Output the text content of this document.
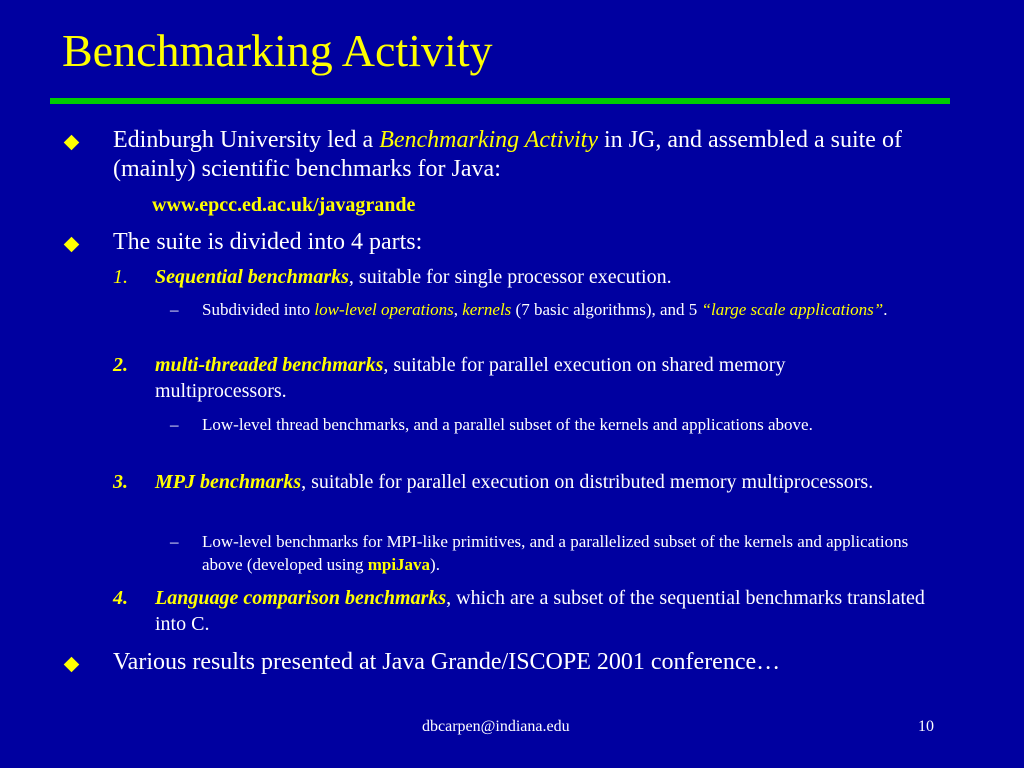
Benchmarking Activity
Edinburgh University led a Benchmarking Activity in JG, and assembled a suite of (mainly) scientific benchmarks for Java:
www.epcc.ed.ac.uk/javagrande
The suite is divided into 4 parts:
1. Sequential benchmarks, suitable for single processor execution.
– Subdivided into low-level operations, kernels (7 basic algorithms), and 5 “large scale applications”.
2. multi-threaded benchmarks, suitable for parallel execution on shared memory multiprocessors.
– Low-level thread benchmarks, and a parallel subset of the kernels and applications above.
3. MPJ benchmarks, suitable for parallel execution on distributed memory multiprocessors.
– Low-level benchmarks for MPI-like primitives, and a parallelized subset of the kernels and applications above (developed using mpiJava).
4. Language comparison benchmarks, which are a subset of the sequential benchmarks translated into C.
Various results presented at Java Grande/ISCOPE 2001 conference…
dbcarpen@indiana.edu	10
